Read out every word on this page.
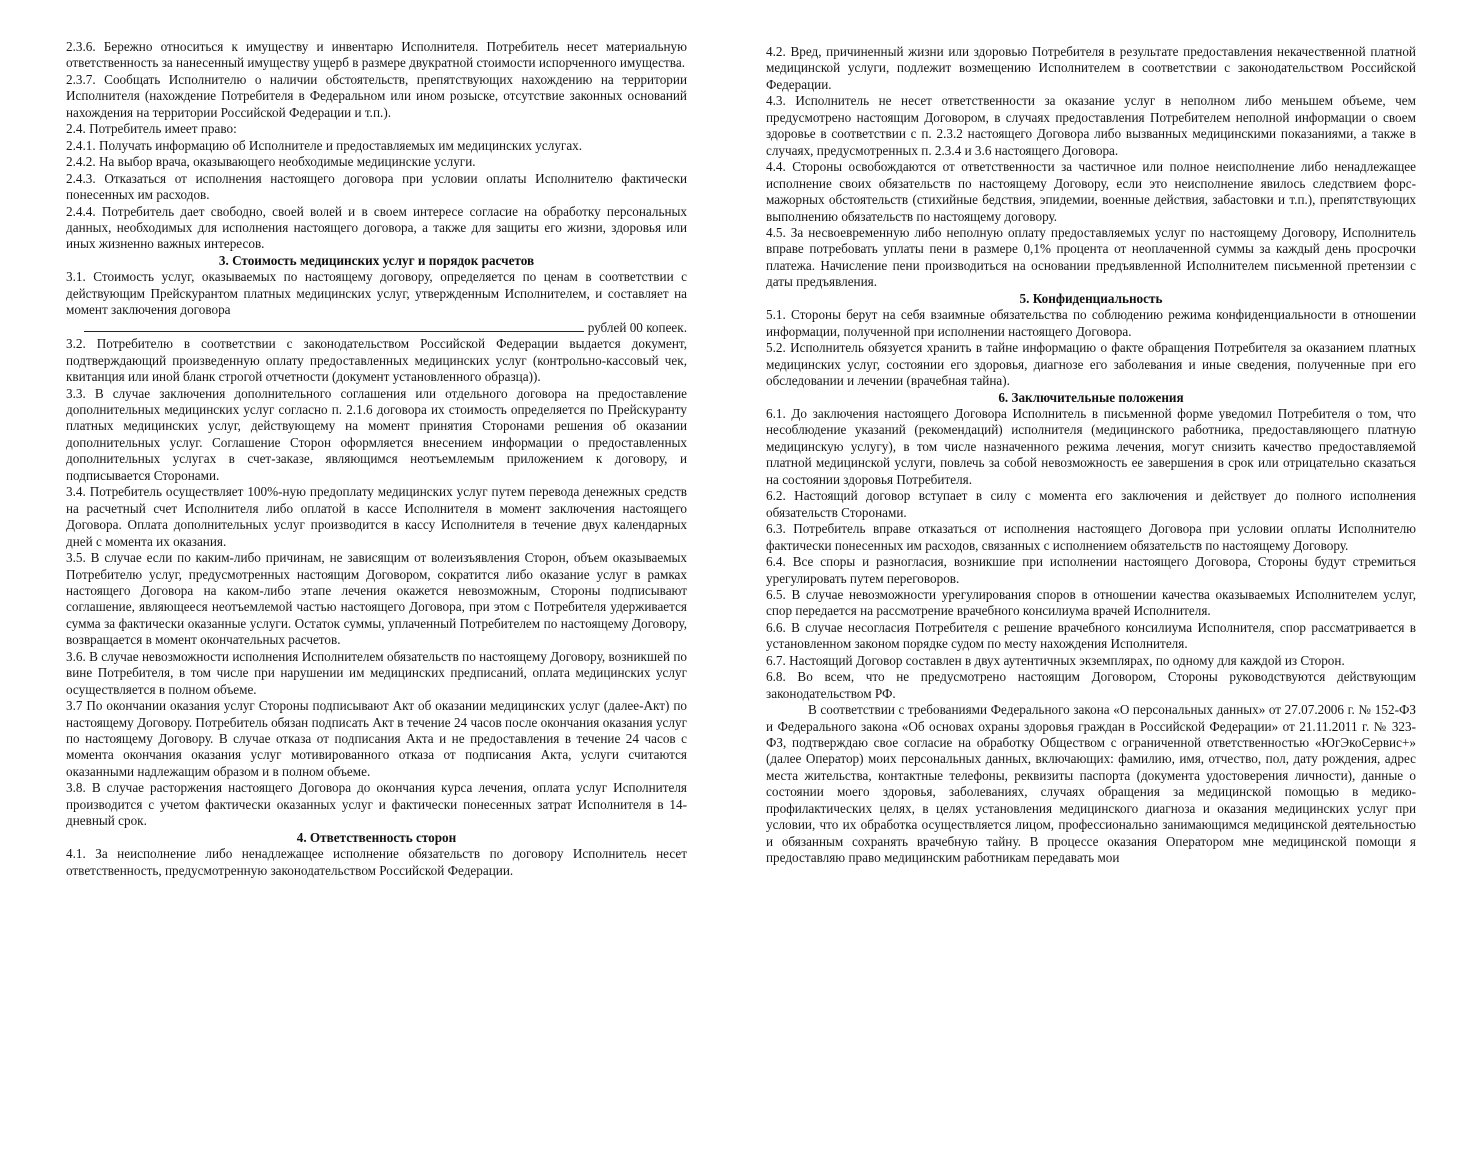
2.3.6. Бережно относиться к имуществу и инвентарю Исполнителя. Потребитель несет материальную ответственность за нанесенный имуществу ущерб в размере двукратной стоимости испорченного имущества.

2.3.7. Сообщать Исполнителю о наличии обстоятельств, препятствующих нахождению на территории Исполнителя (нахождение Потребителя в Федеральном или ином розыске, отсутствие законных оснований нахождения на территории Российской Федерации и т.п.).

2.4. Потребитель имеет право:

2.4.1. Получать информацию об Исполнителе и предоставляемых им медицинских услугах.

2.4.2. На выбор врача, оказывающего необходимые медицинские услуги.

2.4.3. Отказаться от исполнения настоящего договора при условии оплаты Исполнителю фактически понесенных им расходов.

2.4.4. Потребитель дает свободно, своей волей и в своем интересе согласие на обработку персональных данных, необходимых для исполнения настоящего договора, а также для защиты его жизни, здоровья или иных жизненно важных интересов.

3. Стоимость медицинских услуг и порядок расчетов

3.1. Стоимость услуг, оказываемых по настоящему договору, определяется по ценам в соответствии с действующим Прейскурантом платных медицинских услуг, утвержденным Исполнителем, и составляет на момент заключения договора

рублей 00 копеек.

3.2. Потребителю в соответствии с законодательством Российской Федерации выдается документ, подтверждающий произведенную оплату предоставленных медицинских услуг (контрольно-кассовый чек, квитанция или иной бланк строгой отчетности (документ установленного образца)).

3.3. В случае заключения дополнительного соглашения или отдельного договора на предоставление дополнительных медицинских услуг согласно п. 2.1.6 договора их стоимость определяется по Прейскуранту платных медицинских услуг, действующему на момент принятия Сторонами решения об оказании дополнительных услуг. Соглашение Сторон оформляется внесением информации о предоставленных дополнительных услугах в счет-заказе, являющимся неотъемлемым приложением к договору, и подписывается Сторонами.

3.4. Потребитель осуществляет 100%-ную предоплату медицинских услуг путем перевода денежных средств на расчетный счет Исполнителя либо оплатой в кассе Исполнителя в момент заключения настоящего Договора. Оплата дополнительных услуг производится в кассу Исполнителя в течение двух календарных дней с момента их оказания.

3.5. В случае если по каким-либо причинам, не зависящим от волеизъявления Сторон, объем оказываемых Потребителю услуг, предусмотренных настоящим Договором, сократится либо оказание услуг в рамках настоящего Договора на каком-либо этапе лечения окажется невозможным, Стороны подписывают соглашение, являющееся неотъемлемой частью настоящего Договора, при этом с Потребителя удерживается сумма за фактически оказанные услуги. Остаток суммы, уплаченный Потребителем по настоящему Договору, возвращается в момент окончательных расчетов.

3.6. В случае невозможности исполнения Исполнителем обязательств по настоящему Договору, возникшей по вине Потребителя, в том числе при нарушении им медицинских предписаний, оплата медицинских услуг осуществляется в полном объеме.

3.7 По окончании оказания услуг Стороны подписывают Акт об оказании медицинских услуг (далее-Акт) по настоящему Договору. Потребитель обязан подписать Акт в течение 24 часов после окончания оказания услуг по настоящему Договору. В случае отказа от подписания Акта и не предоставления в течение 24 часов с момента окончания оказания услуг мотивированного отказа от подписания Акта, услуги считаются оказанными надлежащим образом и в полном объеме.

3.8. В случае расторжения настоящего Договора до окончания курса лечения, оплата услуг Исполнителя производится с учетом фактически оказанных услуг и фактически понесенных затрат Исполнителя в 14-дневный срок.

4. Ответственность сторон

4.1. За неисполнение либо ненадлежащее исполнение обязательств по договору Исполнитель несет ответственность, предусмотренную законодательством Российской Федерации.

4.2. Вред, причиненный жизни или здоровью Потребителя в результате предоставления некачественной платной медицинской услуги, подлежит возмещению Исполнителем в соответствии с законодательством Российской Федерации.

4.3. Исполнитель не несет ответственности за оказание услуг в неполном либо меньшем объеме, чем предусмотрено настоящим Договором, в случаях предоставления Потребителем неполной информации о своем здоровье в соответствии с п. 2.3.2 настоящего Договора либо вызванных медицинскими показаниями, а также в случаях, предусмотренных п. 2.3.4 и 3.6 настоящего Договора.

4.4. Стороны освобождаются от ответственности за частичное или полное неисполнение либо ненадлежащее исполнение своих обязательств по настоящему Договору, если это неисполнение явилось следствием форс-мажорных обстоятельств (стихийные бедствия, эпидемии, военные действия, забастовки и т.п.), препятствующих выполнению обязательств по настоящему договору.

4.5. За несвоевременную либо неполную оплату предоставляемых услуг по настоящему Договору, Исполнитель вправе потребовать уплаты пени в размере 0,1% процента от неоплаченной суммы за каждый день просрочки платежа. Начисление пени производиться на основании предъявленной Исполнителем письменной претензии с даты предъявления.

5. Конфиденциальность

5.1. Стороны берут на себя взаимные обязательства по соблюдению режима конфиденциальности в отношении информации, полученной при исполнении настоящего Договора.

5.2. Исполнитель обязуется хранить в тайне информацию о факте обращения Потребителя за оказанием платных медицинских услуг, состоянии его здоровья, диагнозе его заболевания и иные сведения, полученные при его обследовании и лечении (врачебная тайна).

6. Заключительные положения

6.1. До заключения настоящего Договора Исполнитель в письменной форме уведомил Потребителя о том, что несоблюдение указаний (рекомендаций) исполнителя (медицинского работника, предоставляющего платную медицинскую услугу), в том числе назначенного режима лечения, могут снизить качество предоставляемой платной медицинской услуги, повлечь за собой невозможность ее завершения в срок или отрицательно сказаться на состоянии здоровья Потребителя.

6.2. Настоящий договор вступает в силу с момента его заключения и действует до полного исполнения обязательств Сторонами.

6.3. Потребитель вправе отказаться от исполнения настоящего Договора при условии оплаты Исполнителю фактически понесенных им расходов, связанных с исполнением обязательств по настоящему Договору.

6.4. Все споры и разногласия, возникшие при исполнении настоящего Договора, Стороны будут стремиться урегулировать путем переговоров.

6.5. В случае невозможности урегулирования споров в отношении качества оказываемых Исполнителем услуг, спор передается на рассмотрение врачебного консилиума врачей Исполнителя.

6.6. В случае несогласия Потребителя с решение врачебного консилиума Исполнителя, спор рассматривается в установленном законом порядке судом по месту нахождения Исполнителя.

6.7. Настоящий Договор составлен в двух аутентичных экземплярах, по одному для каждой из Сторон.

6.8. Во всем, что не предусмотрено настоящим Договором, Стороны руководствуются действующим законодательством РФ.

В соответствии с требованиями Федерального закона «О персональных данных» от 27.07.2006 г. № 152-ФЗ и Федерального закона «Об основах охраны здоровья граждан в Российской Федерации» от 21.11.2011 г. № 323-ФЗ, подтверждаю свое согласие на обработку Обществом с ограниченной ответственностью «ЮгЭкоСервис+» (далее Оператор) моих персональных данных, включающих: фамилию, имя, отчество, пол, дату рождения, адрес места жительства, контактные телефоны, реквизиты паспорта (документа удостоверения личности), данные о состоянии моего здоровья, заболеваниях, случаях обращения за медицинской помощью в медико-профилактических целях, в целях установления медицинского диагноза и оказания медицинских услуг при условии, что их обработка осуществляется лицом, профессионально занимающимся медицинской деятельностью и обязанным сохранять врачебную тайну. В процессе оказания Оператором мне медицинской помощи я предоставляю право медицинским работникам передавать мои
